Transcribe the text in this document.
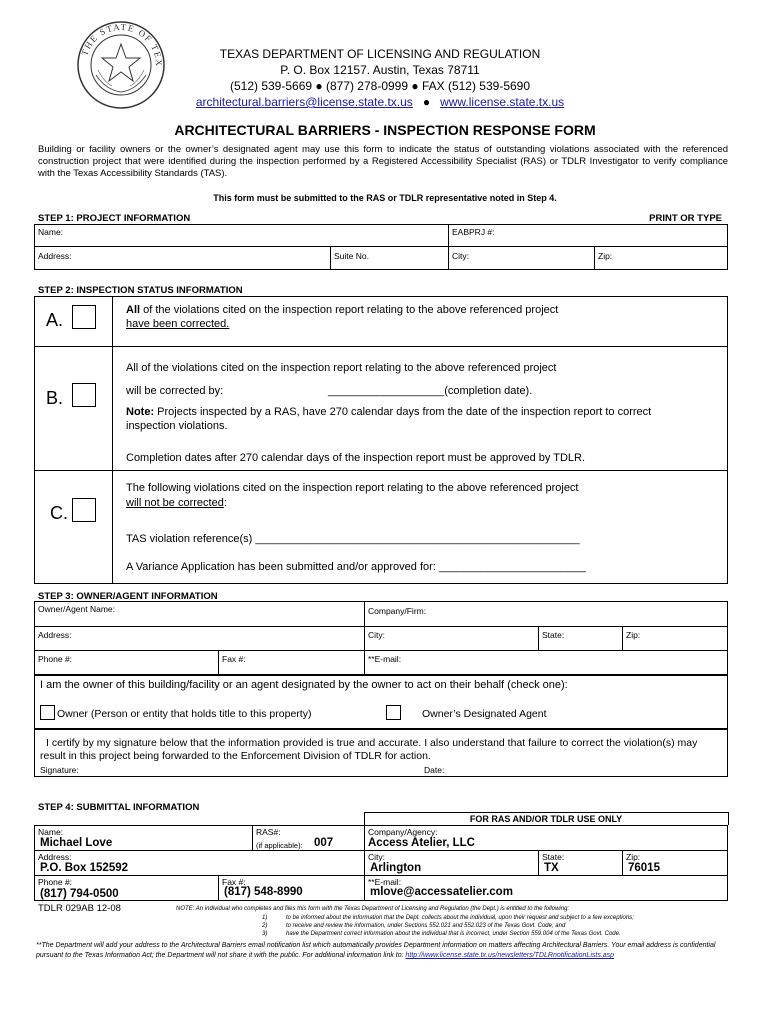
THE STATE OF TEX
TEXAS DEPARTMENT OF LICENSING AND REGULATION
P. O. Box 12157. Austin, Texas 78711
(512) 539-5669 ● (877) 278-0999 ● FAX (512) 539-5690
architectural.barriers@license.state.tx.us ● www.license.state.tx.us
ARCHITECTURAL BARRIERS - INSPECTION RESPONSE FORM
Building or facility owners or the owner’s designated agent may use this form to indicate the status of outstanding violations associated with the referenced construction project that were identified during the inspection performed by a Registered Accessibility Specialist (RAS) or TDLR Investigator to verify compliance with the Texas Accessibility Standards (TAS).
This form must be submitted to the RAS or TDLR representative noted in Step 4.
STEP 1: PROJECT INFORMATION	PRINT OR TYPE
Name:	EABPRJ #:
Address:	Suite No.	City:	Zip:
STEP 2: INSPECTION STATUS INFORMATION
A.	All of the violations cited on the inspection report relating to the above referenced project
have been corrected.
B.
All of the violations cited on the inspection report relating to the above referenced project
will be corrected by:	___________________(completion date).
Note: Projects inspected by a RAS, have 270 calendar days from the date of the inspection report to correct inspection violations.
Completion dates after 270 calendar days of the inspection report must be approved by TDLR.
C.
The following violations cited on the inspection report relating to the above referenced project
will not be corrected:
TAS violation reference(s) _____________________________________________________
A Variance Application has been submitted and/or approved for: ________________________
STEP 3: OWNER/AGENT INFORMATION
Owner/Agent Name:	Company/Firm:
Address:	City:	State:	Zip:
Phone #:	Fax #:	**E-mail:
I am the owner of this building/facility or an agent designated by the owner to act on their behalf (check one):
Owner (Person or entity that holds title to this property)	Owner’s Designated Agent
I certify by my signature below that the information provided is true and accurate. I also understand that failure to correct the violation(s) may result in this project being forwarded to the Enforcement Division of TDLR for action.
Signature:	Date:
STEP 4: SUBMITTAL INFORMATION
FOR RAS AND/OR TDLR USE ONLY
Name:
Michael Love
RAS#:
(if applicable): 007
Company/Agency:
Access Atelier, LLC
Address:
P.O. Box 152592
City:
Arlington
State:
TX
Zip:
76015
Phone #:
(817) 794-0500
Fax #:
(817) 548-8990
**E-mail:
mlove@accessatelier.com
TDLR 029AB 12-08	NOTE: An individual who completes and files this form with the Texas Department of Licensing and Regulation (the Dept.) is entitled to the following:
1)	to be informed about the information that the Dept. collects about the individual, upon their request and subject to a few exceptions;
2)	to receive and review the information, under Sections 552.021 and 552.023 of the Texas Govt. Code; and
3)	have the Department correct information about the individual that is incorrect, under Section 559.004 of the Texas Govt. Code.
**The Department will add your address to the Architectural Barriers email notification list which automatically provides Department information on matters affecting Architectural Barriers. Your email address is confidential pursuant to the Texas Information Act; the Department will not share it with the public. For additional information link to: http://www.license.state.tx.us/newsletters/TDLRnotificationLists.asp
